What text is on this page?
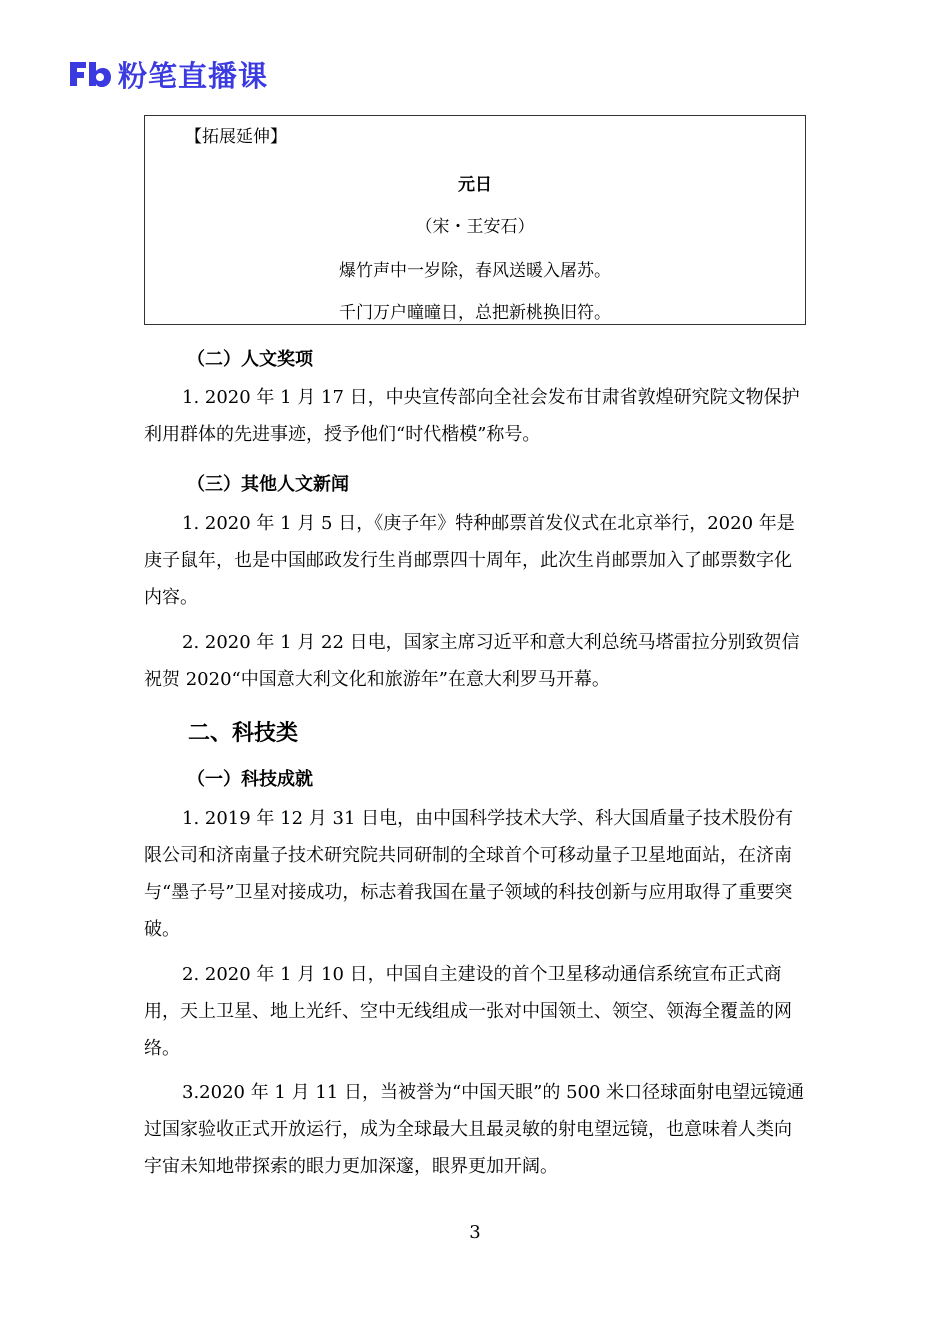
粉笔直播课
【拓展延伸】
元日
（宋・王安石）
爆竹声中一岁除，春风送暖入屠苏。
千门万户曈曈日，总把新桃换旧符。
（二）人文奖项
1. 2020 年 1 月 17 日，中央宣传部向全社会发布甘肃省敦煌研究院文物保护利用群体的先进事迹，授予他们“时代楷模”称号。
（三）其他人文新闻
1. 2020 年 1 月 5 日，《庚子年》特种邮票首发仪式在北京举行，2020 年是庚子鼠年，也是中国邮政发行生肖邮票四十周年，此次生肖邮票加入了邮票数字化内容。
2. 2020 年 1 月 22 日电，国家主席习近平和意大利总统马塔雷拉分别致贺信祝贺 2020“中国意大利文化和旅游年”在意大利罗马开幕。
二、科技类
（一）科技成就
1. 2019 年 12 月 31 日电，由中国科学技术大学、科大国盾量子技术股份有限公司和济南量子技术研究院共同研制的全球首个可移动量子卫星地面站，在济南与“墨子号”卫星对接成功，标志着我国在量子领域的科技创新与应用取得了重要突破。
2. 2020 年 1 月 10 日，中国自主建设的首个卫星移动通信系统宣布正式商用，天上卫星、地上光纤、空中无线组成一张对中国领土、领空、领海全覆盖的网络。
3.2020 年 1 月 11 日，当被誉为“中国天眼”的 500 米口径球面射电望远镜通过国家验收正式开放运行，成为全球最大且最灵敏的射电望远镜，也意味着人类向宇宙未知地带探索的眼力更加深邃，眼界更加开阔。
3
